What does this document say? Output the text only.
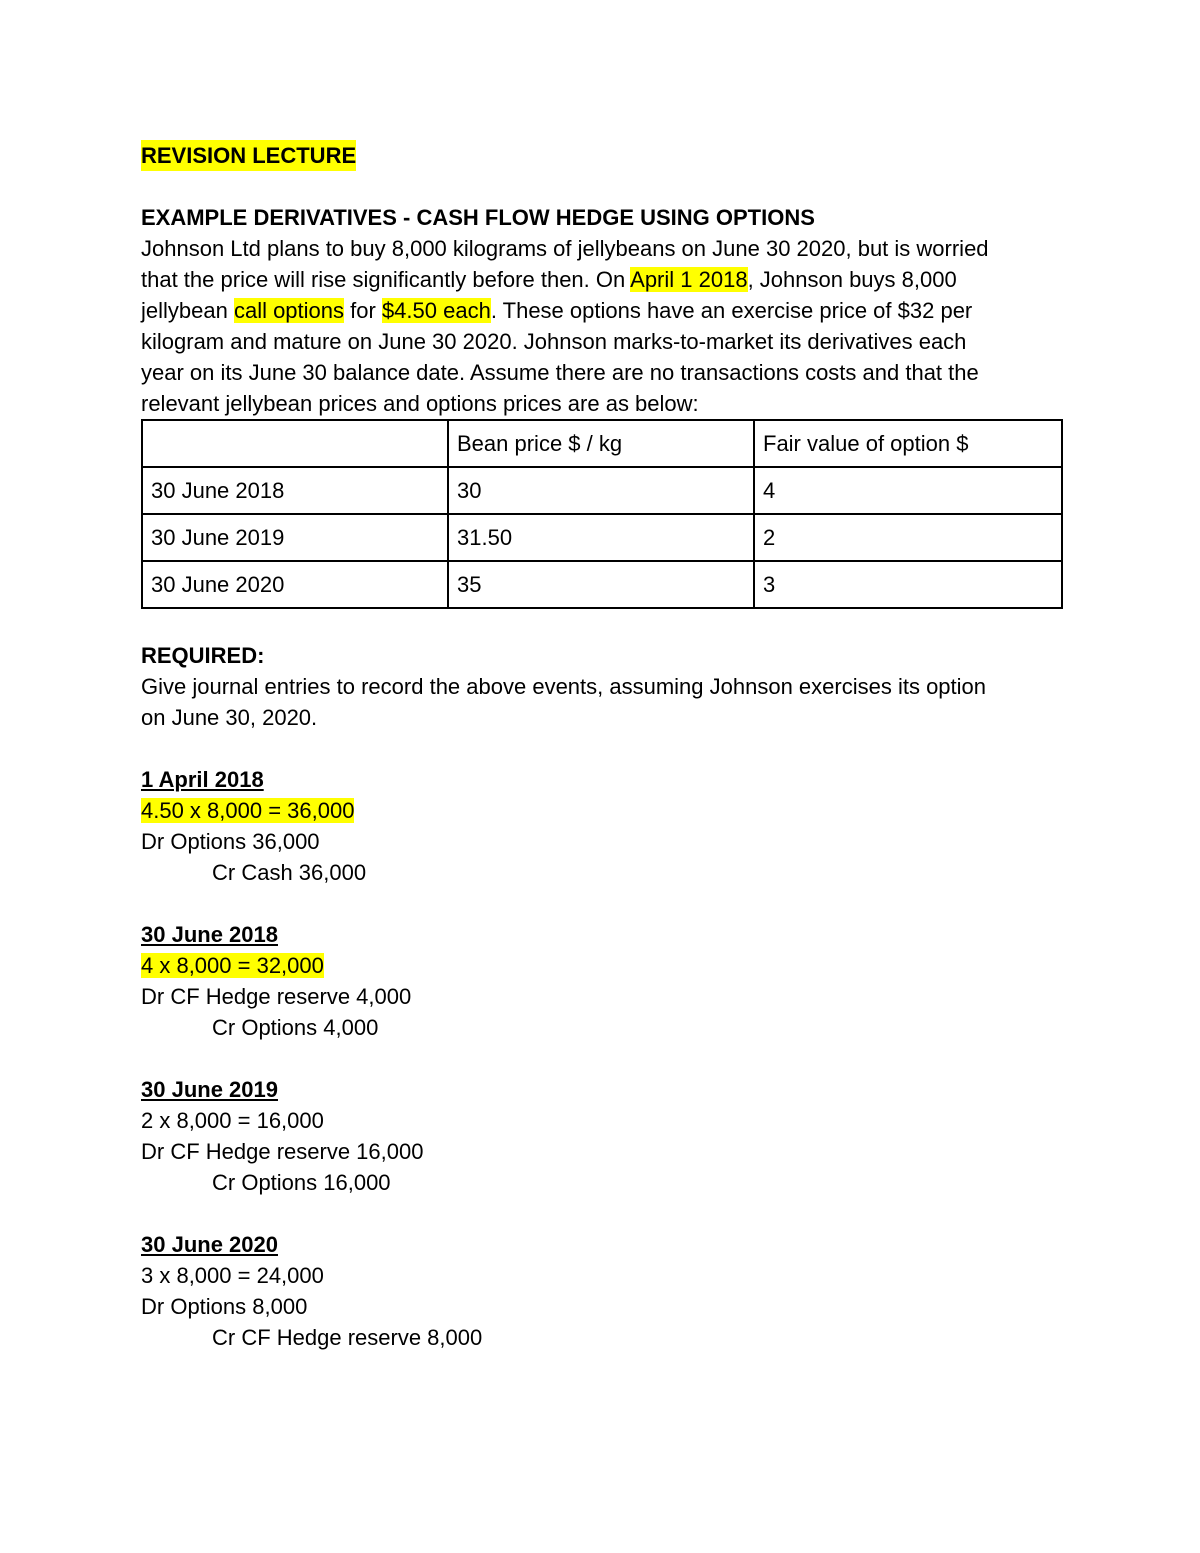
REVISION LECTURE
EXAMPLE DERIVATIVES - CASH FLOW HEDGE USING OPTIONS
Johnson Ltd plans to buy 8,000 kilograms of jellybeans on June 30 2020, but is worried
that the price will rise significantly before then. On April 1 2018, Johnson buys 8,000
jellybean call options for $4.50 each. These options have an exercise price of $32 per
kilogram and mature on June 30 2020. Johnson marks-to-market its derivatives each
year on its June 30 balance date. Assume there are no transactions costs and that the
relevant jellybean prices and options prices are as below:
	Bean price $ / kg	Fair value of option $
30 June 2018	30	4
30 June 2019	31.50	2
30 June 2020	35	3
REQUIRED:
Give journal entries to record the above events, assuming Johnson exercises its option
on June 30, 2020.
1 April 2018
4.50 x 8,000 = 36,000
Dr Options 36,000
Cr Cash 36,000
30 June 2018
4 x 8,000 = 32,000
Dr CF Hedge reserve 4,000
Cr Options 4,000
30 June 2019
2 x 8,000 = 16,000
Dr CF Hedge reserve 16,000
Cr Options 16,000
30 June 2020
3 x 8,000 = 24,000
Dr Options 8,000
Cr CF Hedge reserve 8,000
